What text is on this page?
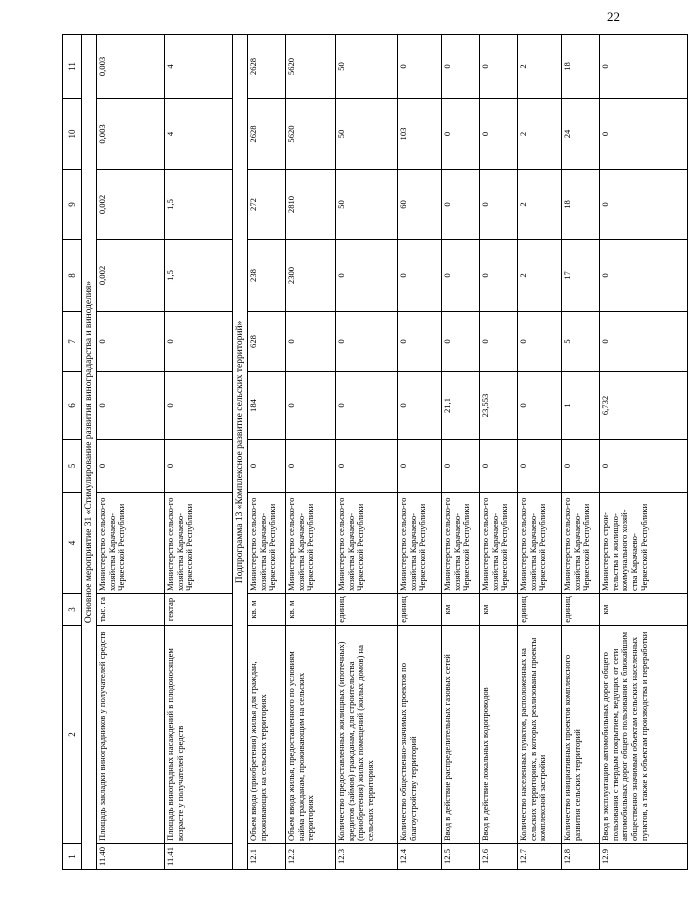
22
1	2	3	4	5	6	7	8	9	10	11
Основное мероприятие 31 «Стимулирование развития виноградарства и виноделия»										
11.40	Площадь закладки виноградников у получателей средств	тыс. га	Министерство сельско-го хозяйства Карачаево-Черкесской Республики	0	0	0	0,002	0,002	0,003	0,003
11.41	Площадь виноградных насаждений в плодоносящем возрасте у получателей средств	гектар	Министерство сельско-го хозяйства Карачаево-Черкесской Республики	0	0	0	1,5	1,5	4	4
Подпрограмма 13 «Комплексное развитие сельских территорий»										
12.1	Объем ввода (приобретения) жилья для граждан, проживающих на сельских территориях	кв. м	Министерство сельско-го хозяйства Карачаево-Черкесской Республики	0	184	628	238	272	2628	2628
12.2	Объем ввода жилья, предоставленного по условиям найма гражданам, проживающим на сельских территориях	кв. м	Министерство сельско-го хозяйства Карачаево-Черкесской Республики	0	0	0	2300	2810	5620	5620
12.3	Количество предоставленных жилищных (ипотечных) кредитов (займов) гражданам, для строительства (приобретения) жилых помещений (жилых домов) на сельских территориях	единиц	Министерство сельско-го хозяйства Карачаево-Черкесской Республики	0	0	0	0	50	50	50
12.4	Количество общественно-значимых проектов по благоустройству территорий	единиц	Министерство сельско-го хозяйства Карачаево-Черкесской Республики	0	0	0	0	60	103	0
12.5	Ввод в действие распределительных газовых сетей	км	Министерство сельско-го хозяйства Карачаево-Черкесской Республики	0	21,1	0	0	0	0	0
12.6	Ввод в действие локальных водопроводов	км	Министерство сельско-го хозяйства Карачаево-Черкесской Республики	0	23,553	0	0	0	0	0
12.7	Количество населенных пунктов, расположенных на сельских территориях, в которых реализованы проекты комплексной застройки	единиц	Министерство сельско-го хозяйства Карачаево-Черкесской Республики	0	0	0	2	2	2	2
12.8	Количество инициативных проектов комплексного развития сельских территорий	единиц	Министерство сельско-го хозяйства Карачаево-Черкесской Республики	0	1	5	17	18	24	18
12.9	Ввод в эксплуатацию автомобильных дорог общего пользования с твердым покрытием, ведущих от сети автомобильных дорог общего пользования к ближайшим общественно значимым объектам сельских населенных пунктов, а также к объектам производства и переработки	км	Министерство строи-тельства и жилищно-коммунального хозяй-ства Карачаево-Черкесской Республики	0	6,732	0	0	0	0	0
